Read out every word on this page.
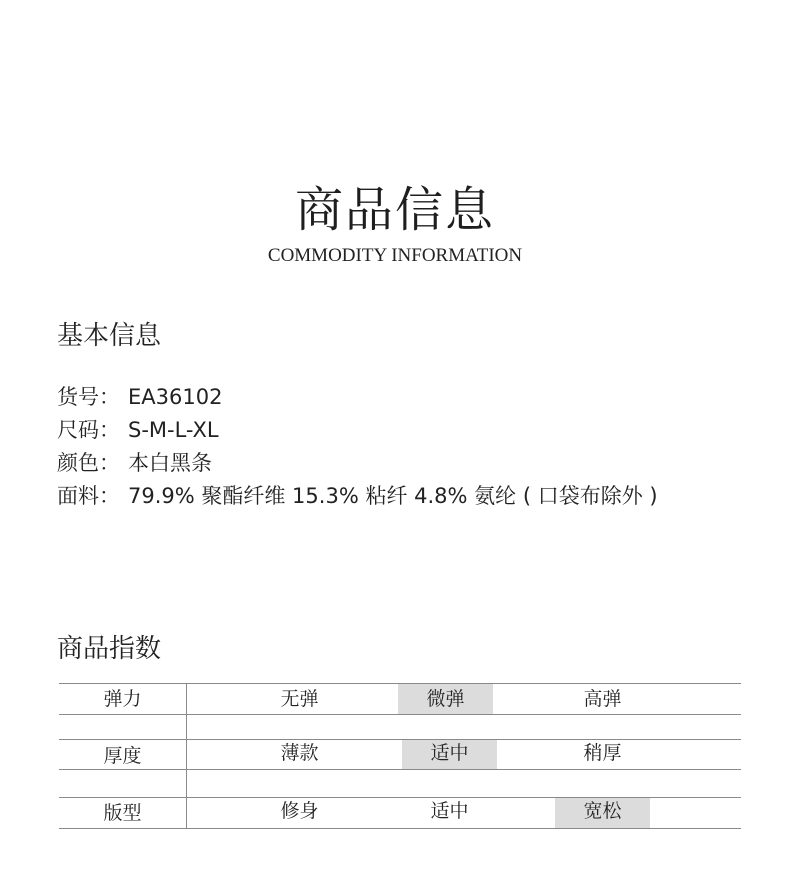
商品信息
COMMODITY INFORMATION
基本信息
货号： EA36102
尺码： S-M-L-XL
颜色： 本白黑条
面料： 79.9% 聚酯纤维 15.3% 粘纤 4.8% 氨纶 ( 口袋布除外 )
商品指数
弹力	无弹	微弹	高弹
厚度	薄款	适中	稍厚
版型	修身	适中	宽松
